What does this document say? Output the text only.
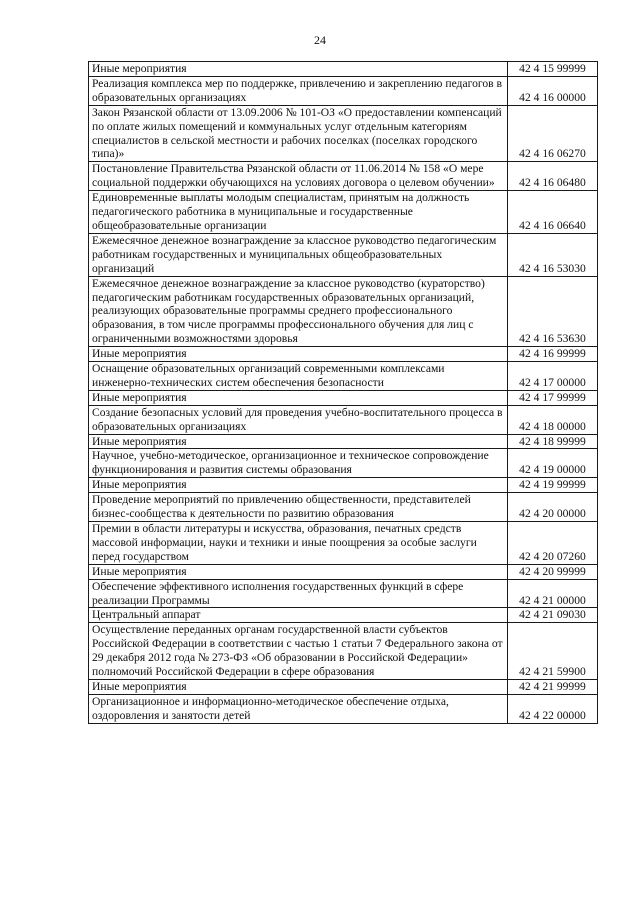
24
Иные мероприятия	42 4 15 99999
Реализация комплекса мер по поддержке, привлечению и закреплению педагогов в образовательных организациях	42 4 16 00000
Закон Рязанской области от 13.09.2006 № 101-ОЗ «О предоставлении компенсаций по оплате жилых помещений и коммунальных услуг отдельным категориям специалистов в сельской местности и рабочих поселках (поселках городского типа)»	42 4 16 06270
Постановление Правительства Рязанской области от 11.06.2014 № 158 «О мере социальной поддержки обучающихся на условиях договора о целевом обучении»	42 4 16 06480
Единовременные выплаты молодым специалистам, принятым на должность педагогического работника в муниципальные и государственные общеобразовательные организации	42 4 16 06640
Ежемесячное денежное вознаграждение за классное руководство педагогическим работникам государственных и муниципальных общеобразовательных организаций	42 4 16 53030
Ежемесячное денежное вознаграждение за классное руководство (кураторство) педагогическим работникам государственных образовательных организаций, реализующих образовательные программы среднего профессионального образования, в том числе программы профессионального обучения для лиц с ограниченными возможностями здоровья	42 4 16 53630
Иные мероприятия	42 4 16 99999
Оснащение образовательных организаций современными комплексами инженерно-технических систем обеспечения безопасности	42 4 17 00000
Иные мероприятия	42 4 17 99999
Создание безопасных условий для проведения учебно-воспитательного процесса в образовательных организациях	42 4 18 00000
Иные мероприятия	42 4 18 99999
Научное, учебно-методическое, организационное и техническое сопровождение функционирования и развития системы образования	42 4 19 00000
Иные мероприятия	42 4 19 99999
Проведение мероприятий по привлечению общественности, представителей бизнес-сообщества к деятельности по развитию образования	42 4 20 00000
Премии в области литературы и искусства, образования, печатных средств массовой информации, науки и техники и иные поощрения за особые заслуги перед государством	42 4 20 07260
Иные мероприятия	42 4 20 99999
Обеспечение эффективного исполнения государственных функций в сфере реализации Программы	42 4 21 00000
Центральный аппарат	42 4 21 09030
Осуществление переданных органам государственной власти субъектов Российской Федерации в соответствии с частью 1 статьи 7 Федерального закона от 29 декабря 2012 года № 273-ФЗ «Об образовании в Российской Федерации» полномочий Российской Федерации в сфере образования	42 4 21 59900
Иные мероприятия	42 4 21 99999
Организационное и информационно-методическое обеспечение отдыха, оздоровления и занятости детей	42 4 22 00000
